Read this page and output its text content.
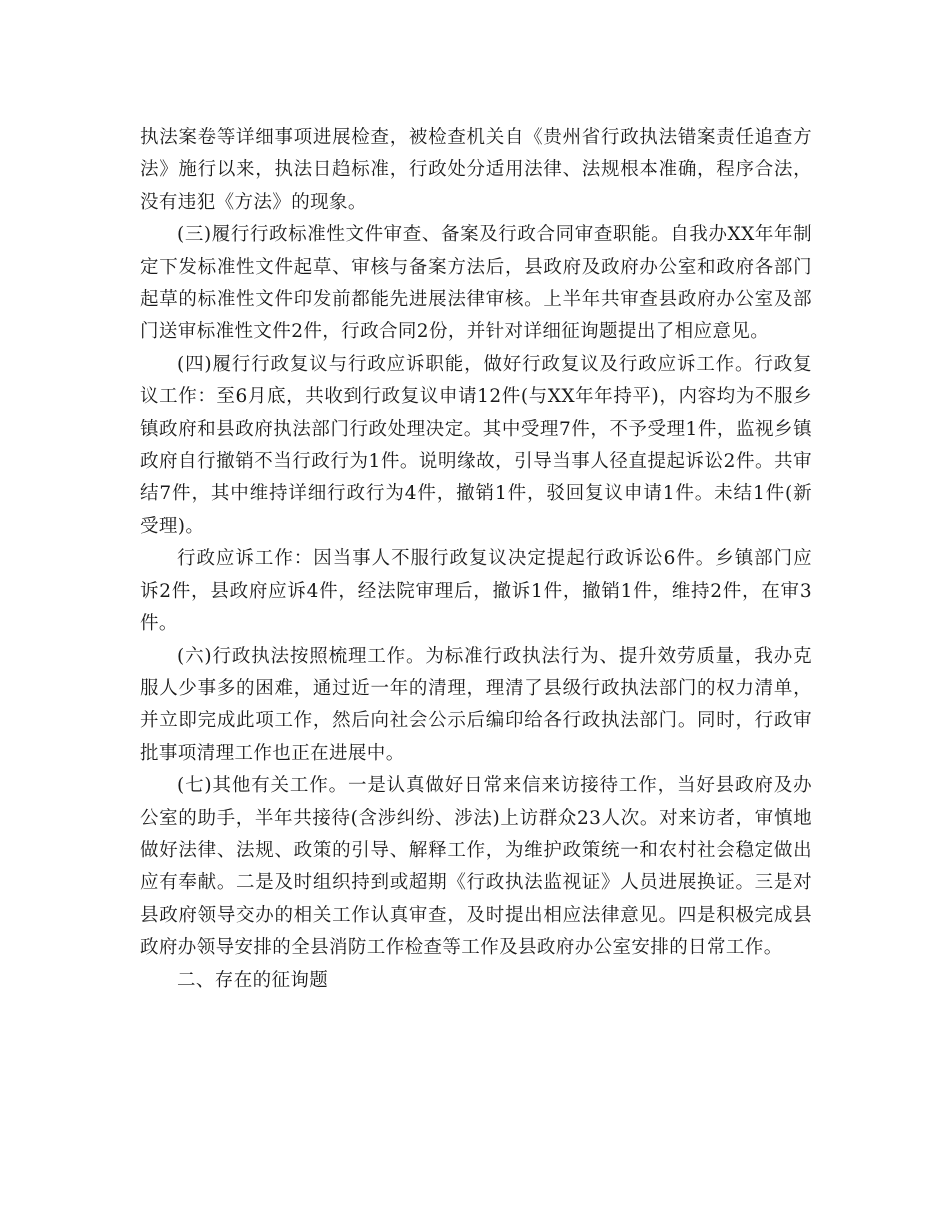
执法案卷等详细事项进展检查，被检查机关自《贵州省行政执法错案责任追查方法》施行以来，执法日趋标准，行政处分适用法律、法规根本准确，程序合法，没有违犯《方法》的现象。

(三)履行行政标准性文件审查、备案及行政合同审查职能。自我办XX年年制定下发标准性文件起草、审核与备案方法后，县政府及政府办公室和政府各部门起草的标准性文件印发前都能先进展法律审核。上半年共审查县政府办公室及部门送审标准性文件2件，行政合同2份，并针对详细征询题提出了相应意见。

(四)履行行政复议与行政应诉职能，做好行政复议及行政应诉工作。行政复议工作：至6月底，共收到行政复议申请12件(与XX年年持平)，内容均为不服乡镇政府和县政府执法部门行政处理决定。其中受理7件，不予受理1件，监视乡镇政府自行撤销不当行政行为1件。说明缘故，引导当事人径直提起诉讼2件。共审结7件，其中维持详细行政行为4件，撤销1件，驳回复议申请1件。未结1件(新受理)。

行政应诉工作：因当事人不服行政复议决定提起行政诉讼6件。乡镇部门应诉2件，县政府应诉4件，经法院审理后，撤诉1件，撤销1件，维持2件，在审3件。

(六)行政执法按照梳理工作。为标准行政执法行为、提升效劳质量，我办克服人少事多的困难，通过近一年的清理，理清了县级行政执法部门的权力清单，并立即完成此项工作，然后向社会公示后编印给各行政执法部门。同时，行政审批事项清理工作也正在进展中。

(七)其他有关工作。一是认真做好日常来信来访接待工作，当好县政府及办公室的助手，半年共接待(含涉纠纷、涉法)上访群众23人次。对来访者，审慎地做好法律、法规、政策的引导、解释工作，为维护政策统一和农村社会稳定做出应有奉献。二是及时组织持到或超期《行政执法监视证》人员进展换证。三是对县政府领导交办的相关工作认真审查，及时提出相应法律意见。四是积极完成县政府办领导安排的全县消防工作检查等工作及县政府办公室安排的日常工作。

二、存在的征询题
